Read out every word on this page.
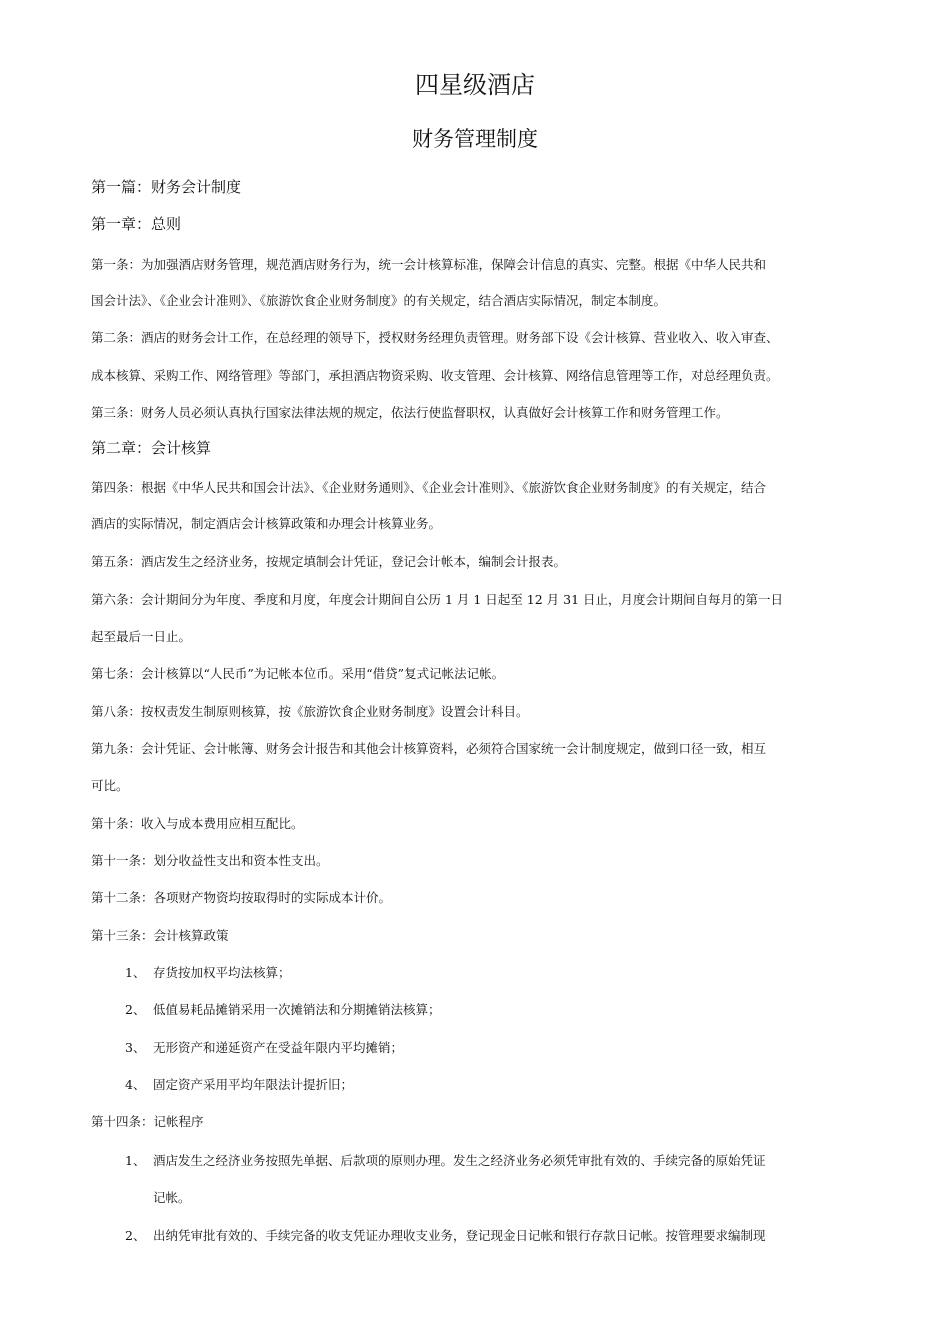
四星级酒店
财务管理制度
第一篇：财务会计制度
第一章：总则
第一条：为加强酒店财务管理，规范酒店财务行为，统一会计核算标准，保障会计信息的真实、完整。根据《中华人民共和
国会计法》、《企业会计准则》、《旅游饮食企业财务制度》的有关规定，结合酒店实际情况，制定本制度。
第二条：酒店的财务会计工作，在总经理的领导下，授权财务经理负责管理。财务部下设《会计核算、营业收入、收入审查、
成本核算、采购工作、网络管理》等部门，承担酒店物资采购、收支管理、会计核算、网络信息管理等工作，对总经理负责。
第三条：财务人员必须认真执行国家法律法规的规定，依法行使监督职权，认真做好会计核算工作和财务管理工作。
第二章：会计核算
第四条：根据《中华人民共和国会计法》、《企业财务通则》、《企业会计准则》、《旅游饮食企业财务制度》的有关规定，结合
酒店的实际情况，制定酒店会计核算政策和办理会计核算业务。
第五条：酒店发生之经济业务，按规定填制会计凭证，登记会计帐本，编制会计报表。
第六条：会计期间分为年度、季度和月度，年度会计期间自公历 1 月 1 日起至 12 月 31 日止，月度会计期间自每月的第一日
起至最后一日止。
第七条：会计核算以“人民币”为记帐本位币。采用“借贷”复式记帐法记帐。
第八条：按权责发生制原则核算，按《旅游饮食企业财务制度》设置会计科目。
第九条：会计凭证、会计帐簿、财务会计报告和其他会计核算资料，必须符合国家统一会计制度规定，做到口径一致，相互
可比。
第十条：收入与成本费用应相互配比。
第十一条：划分收益性支出和资本性支出。
第十二条：各项财产物资均按取得时的实际成本计价。
第十三条：会计核算政策
1、 存货按加权平均法核算；
2、 低值易耗品摊销采用一次摊销法和分期摊销法核算；
3、 无形资产和递延资产在受益年限内平均摊销；
4、 固定资产采用平均年限法计提折旧；
第十四条：记帐程序
1、 酒店发生之经济业务按照先单据、后款项的原则办理。发生之经济业务必须凭审批有效的、手续完备的原始凭证
记帐。
2、 出纳凭审批有效的、手续完备的收支凭证办理收支业务，登记现金日记帐和银行存款日记帐。按管理要求编制现
